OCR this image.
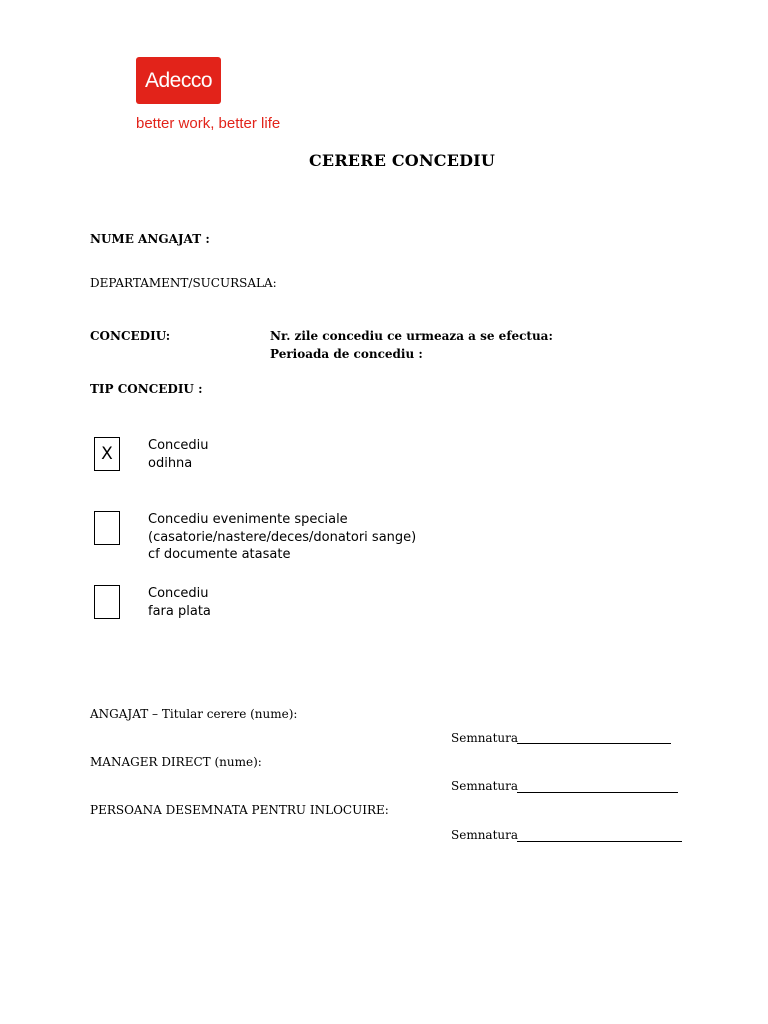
Adecco
better work, better life
CERERE CONCEDIU
NUME ANGAJAT :
DEPARTAMENT/SUCURSALA:
CONCEDIU:	Nr. zile concediu ce urmeaza a se efectua:
Perioada de concediu :
TIP CONCEDIU :
X	Concediu
odihna
Concediu evenimente speciale
(casatorie/nastere/deces/donatori sange)
cf documente atasate
Concediu
fara plata
ANGAJAT – Titular cerere (nume):
Semnatura
MANAGER DIRECT (nume):
Semnatura
PERSOANA DESEMNATA PENTRU INLOCUIRE:
Semnatura
